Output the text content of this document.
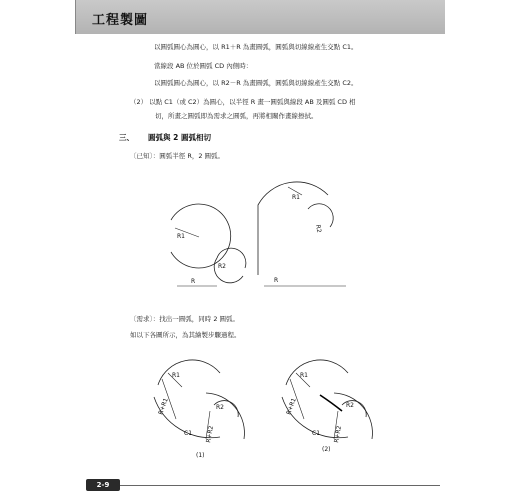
工程製圖
以圓弧圓心為圓心，以 R1＋R 為畫圓弧，圓弧與切線線產生交點 C1。
當線段 AB 位於圓弧 CD 內側時：
以圓弧圓心為圓心，以 R2－R 為畫圓弧，圓弧與切線線產生交點 C2。
（2） 以點 C1（或 C2）為圓心，以半徑 R 畫一圓弧與線段 AB 及圓弧 CD 相
切，所畫之圓弧即為需求之圓弧，再將相關作畫線擦拭。
三、 圓弧與 2 圓弧相切
〔已知〕：圓弧半徑 R，2 圓弧。
R1
R2
R
R1
R2
R
〔需求〕：找出一圓弧，同時 2 圓弧。
如以下各圖所示，為其繪製步驟過程。
R1
R+R1	R2
R+R2
C1
(1)
R1
R+R1	R2
R+R2
C1
(2)
2-9
